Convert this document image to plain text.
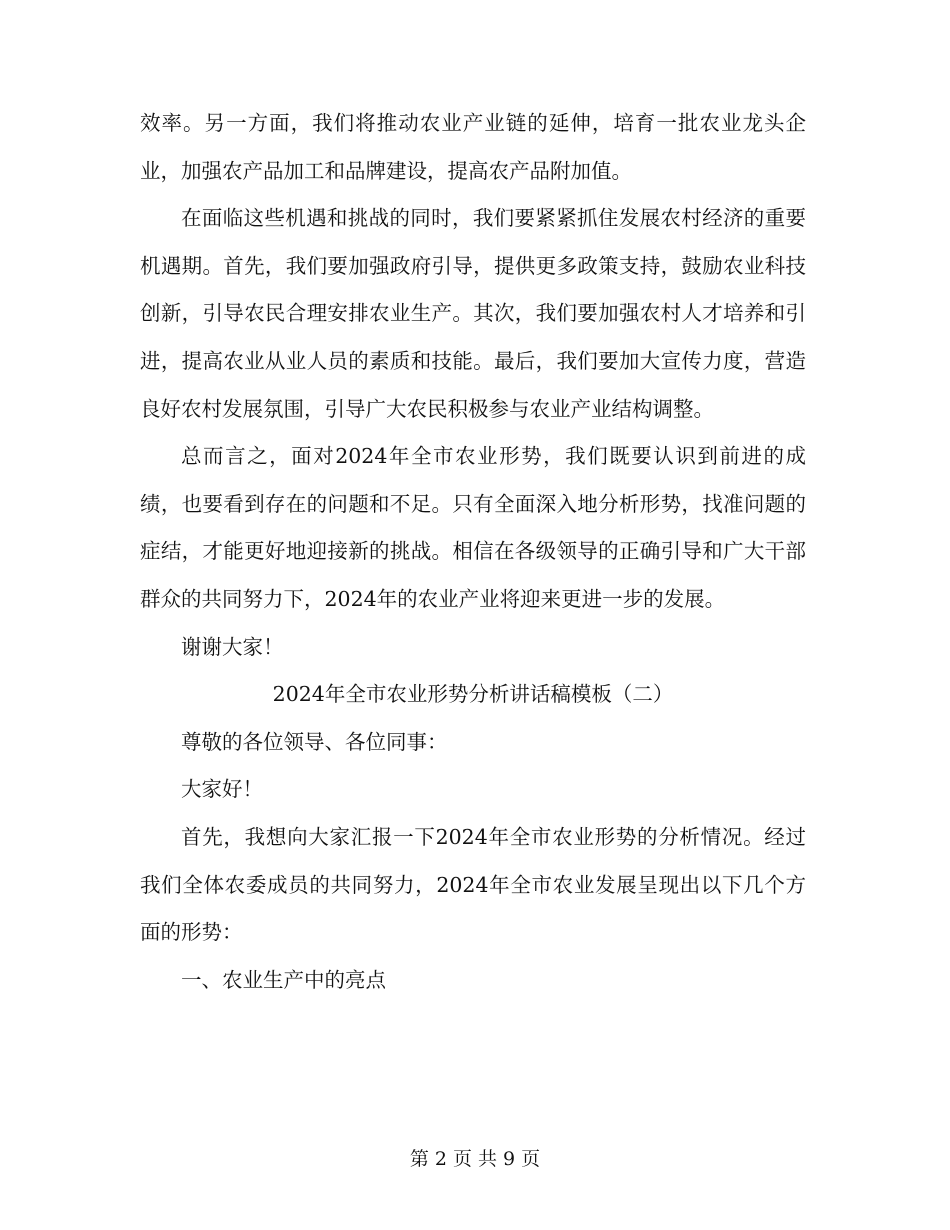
效率。另一方面，我们将推动农业产业链的延伸，培育一批农业龙头企业，加强农产品加工和品牌建设，提高农产品附加值。

在面临这些机遇和挑战的同时，我们要紧紧抓住发展农村经济的重要机遇期。首先，我们要加强政府引导，提供更多政策支持，鼓励农业科技创新，引导农民合理安排农业生产。其次，我们要加强农村人才培养和引进，提高农业从业人员的素质和技能。最后，我们要加大宣传力度，营造良好农村发展氛围，引导广大农民积极参与农业产业结构调整。

总而言之，面对2024年全市农业形势，我们既要认识到前进的成绩，也要看到存在的问题和不足。只有全面深入地分析形势，找准问题的症结，才能更好地迎接新的挑战。相信在各级领导的正确引导和广大干部群众的共同努力下，2024年的农业产业将迎来更进一步的发展。

谢谢大家！

2024年全市农业形势分析讲话稿模板（二）

尊敬的各位领导、各位同事：

大家好！

首先，我想向大家汇报一下2024年全市农业形势的分析情况。经过我们全体农委成员的共同努力，2024年全市农业发展呈现出以下几个方面的形势：

一、农业生产中的亮点

第 2 页 共 9 页
